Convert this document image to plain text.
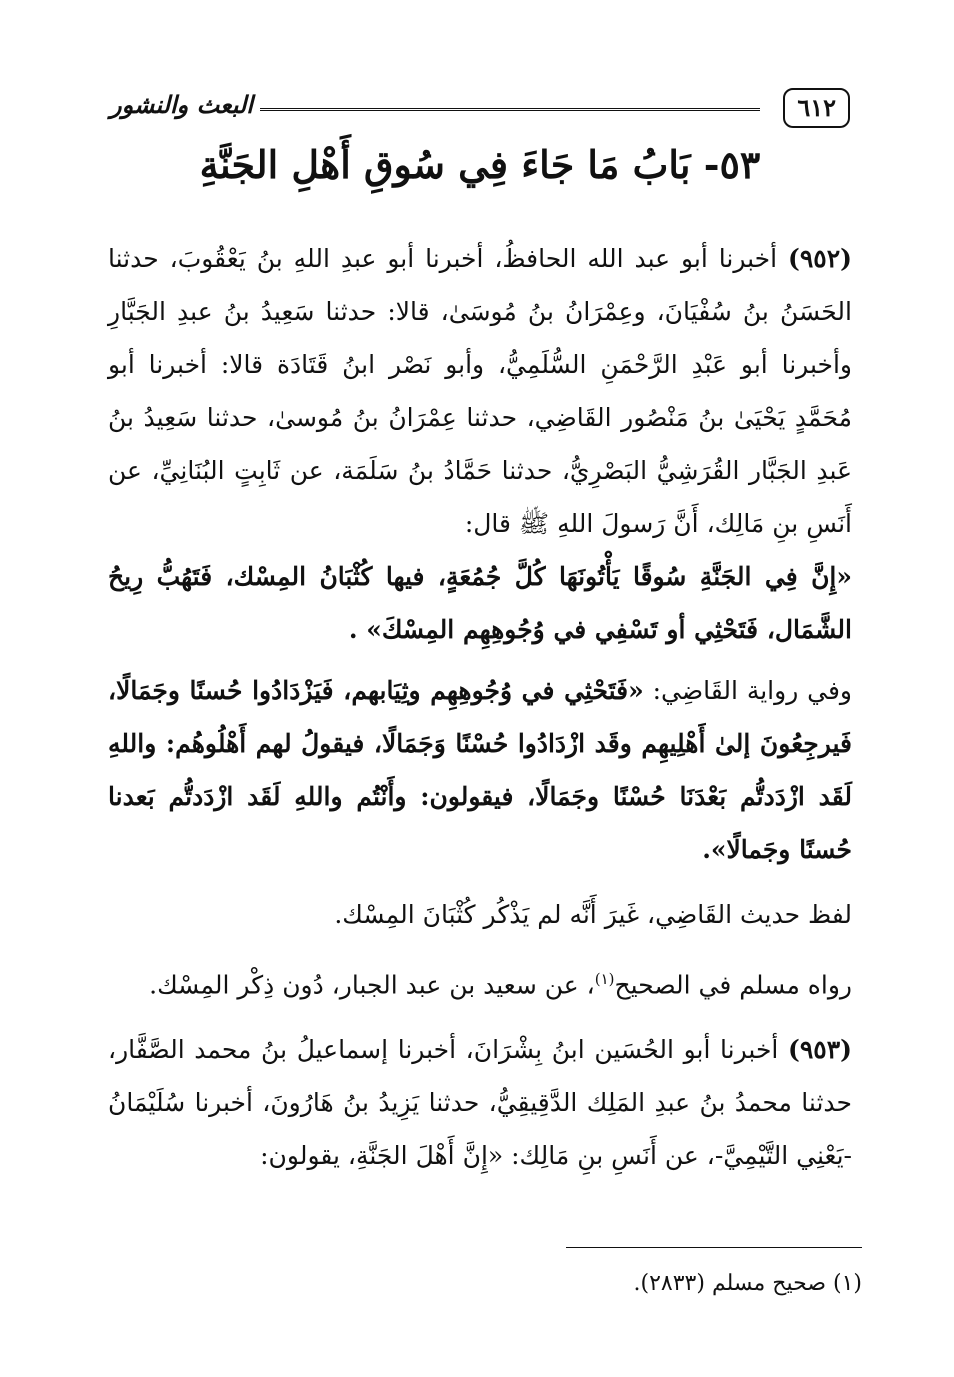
٦١٢
البعث والنشور
٥٣- بَابُ مَا جَاءَ فِي سُوقِ أَهْلِ الجَنَّةِ

(٩٥٢) أخبرنا أبو عبد الله الحافظُ، أخبرنا أبو عبدِ اللهِ بنُ يَعْقُوبَ، حدثنا الحَسَنُ بنُ سُفْيَانَ، وعِمْرَانُ بنُ مُوسَىٰ، قالا: حدثنا سَعِيدُ بنُ عبدِ الجَبَّارِ وأخبرنا أبو عَبْدِ الرَّحْمَنِ السُّلَمِيُّ، وأبو نَصْر ابنُ قَتَادَة قالا: أخبرنا أبو مُحَمَّدٍ يَحْيَىٰ بنُ مَنْصُور القَاضِي، حدثنا عِمْرَانُ بنُ مُوسىٰ، حدثنا سَعِيدُ بنُ عَبدِ الجَبَّار القُرَشِيُّ البَصْرِيُّ، حدثنا حَمَّادُ بنُ سَلَمَة، عن ثَابِتٍ البُنَانِيِّ، عن أَنَسِ بنِ مَالِك، أَنَّ رَسولَ اللهِ ﷺ قال:

«إِنَّ فِي الجَنَّةِ سُوقًا يَأْتُونَهَا كُلَّ جُمُعَةٍ، فيها كُثْبَانُ المِسْك، فَتَهُبُّ رِيحُ الشَّمَال، فَتَحْثِي أو تَسْفِي في وُجُوهِهِم المِسْكَ» .

وفي رواية القَاضِي: «فَتَحْثِي في وُجُوهِهِم وثِيَابهم، فَيَزْدَادُوا حُسنًا وجَمَالًا، فَيرجِعُونَ إلىٰ أَهْلِيهِم وقَد ازْدَادُوا حُسْنًا وَجَمَالًا، فيقولُ لهم أَهْلُوهُم: واللهِ لَقَد ازْدَدتُّم بَعْدَنَا حُسْنًا وجَمَالًا، فيقولون: وأَنْتُم واللهِ لَقَد ازْدَدتُّم بَعدنا حُسنًا وجَمالًا».

لفظ حديث القَاضِي، غَيرَ أَنَّه لم يَذْكُر كُثْبَانَ المِسْك.

رواه مسلم في الصحيح$^{(١)}$، عن سعيد بن عبد الجبار، دُون ذِكْر المِسْك.

(٩٥٣) أخبرنا أبو الحُسَين ابنُ بِشْرَانَ، أخبرنا إسماعيلُ بنُ محمد الصَّفَّار، حدثنا محمدُ بنُ عبدِ المَلِك الدَّقِيقِيُّ، حدثنا يَزِيدُ بنُ هَارُونَ، أخبرنا سُلَيْمَانُ -يَعْنِي التَّيْمِيَّ-، عن أَنَسِ بنِ مَالِك: «إِنَّ أَهْلَ الجَنَّةِ، يقولون:

(١) صحيح مسلم (٢٨٣٣).
